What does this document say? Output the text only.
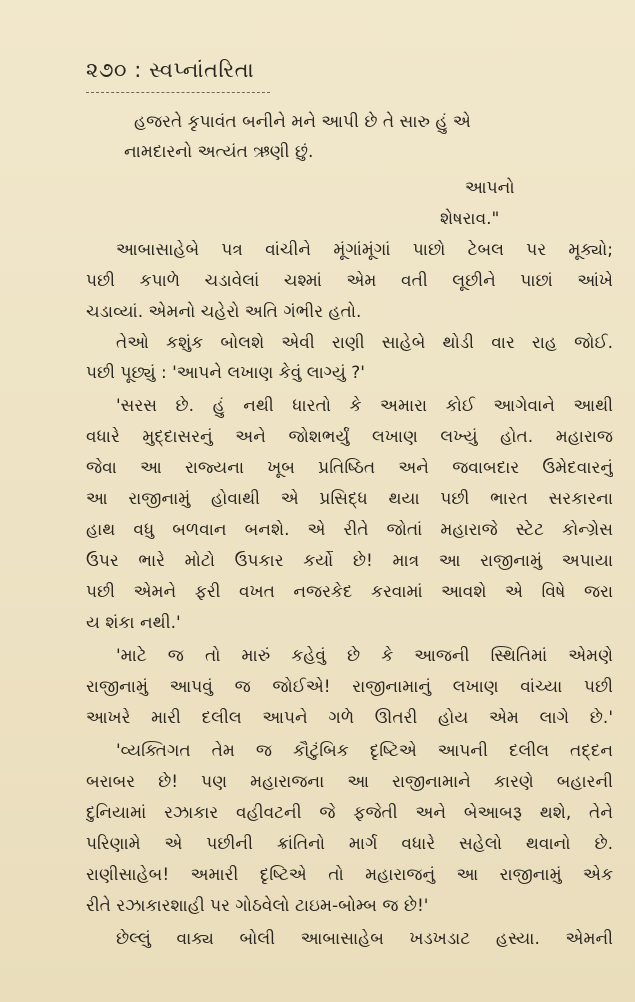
૨૭૦ : સ્વપ્નાંતરિતા
હજરતે કૃપાવંત બનીને મને આપી છે તે સારુ હું એ
નામદારનો અત્યંત ઋણી છું.
આપનો
શેષરાવ."
આબાસાહેબે પત્ર વાંચીને મૂંગાંમૂંગાં પાછો ટેબલ પર મૂક્યો;
પછી કપાળે ચડાવેલાં ચશ્માં એમ વતી લૂછીને પાછાં આંખે
ચડાવ્યાં. એમનો ચહેરો અતિ ગંભીર હતો.
તેઓ કશુંક બોલશે એવી રાણી સાહેબે થોડી વાર રાહ જોઈ.
પછી પૂછ્યું : 'આપને લખાણ કેવું લાગ્યું ?'
'સરસ છે. હું નથી ધારતો કે અમારા કોઈ આગેવાને આથી
વધારે મુદ્દાસરનું અને જોશભર્યું લખાણ લખ્યું હોત. મહારાજ
જેવા આ રાજ્યના ખૂબ પ્રતિષ્ઠિત અને જવાબદાર ઉમેદવારનું
આ રાજીનામું હોવાથી એ પ્રસિદ્ધ થયા પછી ભારત સરકારના
હાથ વધુ બળવાન બનશે. એ રીતે જોતાં મહારાજે સ્ટેટ કોન્ગ્રેસ
ઉપર ભારે મોટો ઉપકાર કર્યો છે! માત્ર આ રાજીનામું અપાયા
પછી એમને ફરી વખત નજરકેદ કરવામાં આવશે એ વિષે જરા
ય શંકા નથી.'
'માટે જ તો મારું કહેવું છે કે આજની સ્થિતિમાં એમણે
રાજીનામું આપવું જ જોઈએ! રાજીનામાનું લખાણ વાંચ્યા પછી
આખરે મારી દલીલ આપને ગળે ઊતરી હોય એમ લાગે છે.'
'વ્યક્તિગત તેમ જ કૌટુંબિક દૃષ્ટિએ આપની દલીલ તદ્દન
બરાબર છે! પણ મહારાજના આ રાજીનામાને કારણે બહારની
દુનિયામાં રઝાકાર વહીવટની જે ફજેતી અને બેઆબરૂ થશે, તેને
પરિણામે એ પછીની ક્રાંતિનો માર્ગ વધારે સહેલો થવાનો છે.
રાણીસાહેબ! અમારી દૃષ્ટિએ તો મહારાજનું આ રાજીનામું એક
રીતે રઝાકારશાહી પર ગોઠવેલો ટાઇમ-બોમ્બ જ છે!'
છેલ્લું વાક્ય બોલી આબાસાહેબ ખડખડાટ હસ્યા. એમની
